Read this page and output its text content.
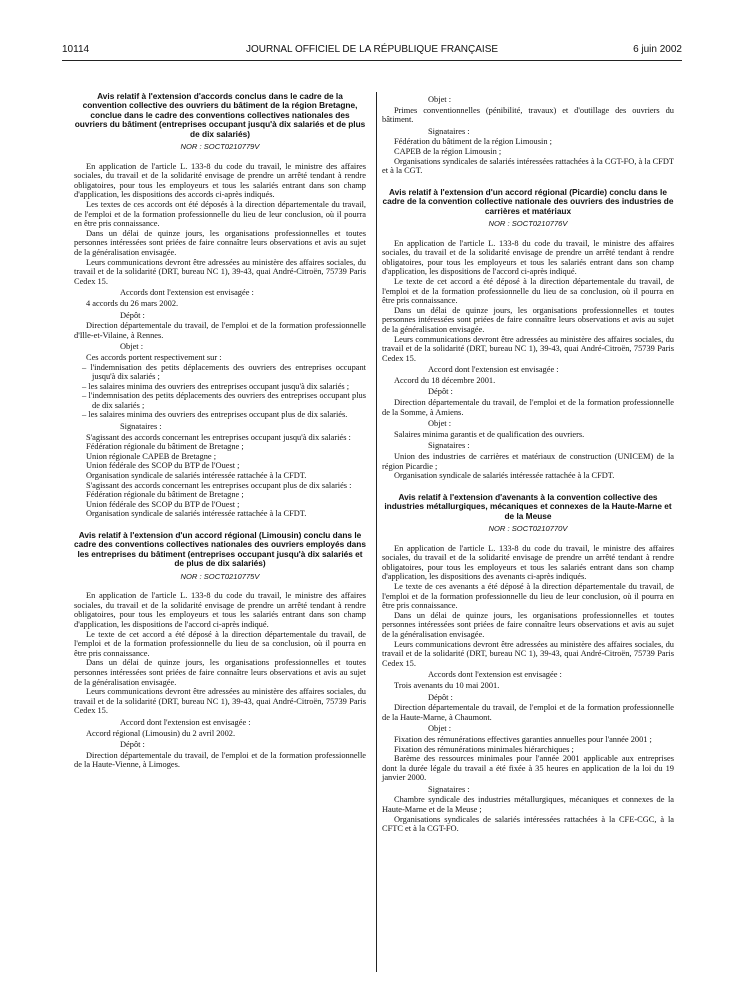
10114	JOURNAL OFFICIEL DE LA RÉPUBLIQUE FRANÇAISE	6 juin 2002
Avis relatif à l'extension d'accords conclus dans le cadre de la convention collective des ouvriers du bâtiment de la région Bretagne, conclue dans le cadre des conventions collectives nationales des ouvriers du bâtiment (entreprises occupant jusqu'à dix salariés et de plus de dix salariés)
NOR : SOCT0210779V
En application de l'article L. 133-8 du code du travail, le ministre des affaires sociales, du travail et de la solidarité envisage de prendre un arrêté tendant à rendre obligatoires, pour tous les employeurs et tous les salariés entrant dans son champ d'application, les dispositions des accords ci-après indiqués.
Les textes de ces accords ont été déposés à la direction départementale du travail, de l'emploi et de la formation professionnelle du lieu de leur conclusion, où il pourra en être pris connaissance.
Dans un délai de quinze jours, les organisations professionnelles et toutes personnes intéressées sont priées de faire connaître leurs observations et avis au sujet de la généralisation envisagée.
Leurs communications devront être adressées au ministère des affaires sociales, du travail et de la solidarité (DRT, bureau NC 1), 39-43, quai André-Citroën, 75739 Paris Cedex 15.
Accords dont l'extension est envisagée :
4 accords du 26 mars 2002.
Dépôt :
Direction départementale du travail, de l'emploi et de la formation professionnelle d'Ille-et-Vilaine, à Rennes.
Objet :
Ces accords portent respectivement sur :
– l'indemnisation des petits déplacements des ouvriers des entreprises occupant jusqu'à dix salariés ;
– les salaires minima des ouvriers des entreprises occupant jusqu'à dix salariés ;
– l'indemnisation des petits déplacements des ouvriers des entreprises occupant plus de dix salariés ;
– les salaires minima des ouvriers des entreprises occupant plus de dix salariés.
Signataires :
S'agissant des accords concernant les entreprises occupant jusqu'à dix salariés :
Fédération régionale du bâtiment de Bretagne ;
Union régionale CAPEB de Bretagne ;
Union fédérale des SCOP du BTP de l'Ouest ;
Organisation syndicale de salariés intéressée rattachée à la CFDT.
S'agissant des accords concernant les entreprises occupant plus de dix salariés :
Fédération régionale du bâtiment de Bretagne ;
Union fédérale des SCOP du BTP de l'Ouest ;
Organisation syndicale de salariés intéressée rattachée à la CFDT.
Avis relatif à l'extension d'un accord régional (Limousin) conclu dans le cadre des conventions collectives nationales des ouvriers employés dans les entreprises du bâtiment (entreprises occupant jusqu'à dix salariés et de plus de dix salariés)
NOR : SOCT0210775V
En application de l'article L. 133-8 du code du travail, le ministre des affaires sociales, du travail et de la solidarité envisage de prendre un arrêté tendant à rendre obligatoires, pour tous les employeurs et tous les salariés entrant dans son champ d'application, les dispositions de l'accord ci-après indiqué.
Le texte de cet accord a été déposé à la direction départementale du travail, de l'emploi et de la formation professionnelle du lieu de sa conclusion, où il pourra en être pris connaissance.
Dans un délai de quinze jours, les organisations professionnelles et toutes personnes intéressées sont priées de faire connaître leurs observations et avis au sujet de la généralisation envisagée.
Leurs communications devront être adressées au ministère des affaires sociales, du travail et de la solidarité (DRT, bureau NC 1), 39-43, quai André-Citroën, 75739 Paris Cedex 15.
Accord dont l'extension est envisagée :
Accord régional (Limousin) du 2 avril 2002.
Dépôt :
Direction départementale du travail, de l'emploi et de la formation professionnelle de la Haute-Vienne, à Limoges.
Objet :
Primes conventionnelles (pénibilité, travaux) et d'outillage des ouvriers du bâtiment.
Signataires :
Fédération du bâtiment de la région Limousin ;
CAPEB de la région Limousin ;
Organisations syndicales de salariés intéressées rattachées à la CGT-FO, à la CFDT et à la CGT.
Avis relatif à l'extension d'un accord régional (Picardie) conclu dans le cadre de la convention collective nationale des ouvriers des industries de carrières et matériaux
NOR : SOCT0210776V
En application de l'article L. 133-8 du code du travail, le ministre des affaires sociales, du travail et de la solidarité envisage de prendre un arrêté tendant à rendre obligatoires, pour tous les employeurs et tous les salariés entrant dans son champ d'application, les dispositions de l'accord ci-après indiqué.
Le texte de cet accord a été déposé à la direction départementale du travail, de l'emploi et de la formation professionnelle du lieu de sa conclusion, où il pourra en être pris connaissance.
Dans un délai de quinze jours, les organisations professionnelles et toutes personnes intéressées sont priées de faire connaître leurs observations et avis au sujet de la généralisation envisagée.
Leurs communications devront être adressées au ministère des affaires sociales, du travail et de la solidarité (DRT, bureau NC 1), 39-43, quai André-Citroën, 75739 Paris Cedex 15.
Accord dont l'extension est envisagée :
Accord du 18 décembre 2001.
Dépôt :
Direction départementale du travail, de l'emploi et de la formation professionnelle de la Somme, à Amiens.
Objet :
Salaires minima garantis et de qualification des ouvriers.
Signataires :
Union des industries de carrières et matériaux de construction (UNICEM) de la région Picardie ;
Organisation syndicale de salariés intéressée rattachée à la CFDT.
Avis relatif à l'extension d'avenants à la convention collective des industries métallurgiques, mécaniques et connexes de la Haute-Marne et de la Meuse
NOR : SOCT0210770V
En application de l'article L. 133-8 du code du travail, le ministre des affaires sociales, du travail et de la solidarité envisage de prendre un arrêté tendant à rendre obligatoires, pour tous les employeurs et tous les salariés entrant dans son champ d'application, les dispositions des avenants ci-après indiqués.
Le texte de ces avenants a été déposé à la direction départementale du travail, de l'emploi et de la formation professionnelle du lieu de leur conclusion, où il pourra en être pris connaissance.
Dans un délai de quinze jours, les organisations professionnelles et toutes personnes intéressées sont priées de faire connaître leurs observations et avis au sujet de la généralisation envisagée.
Leurs communications devront être adressées au ministère des affaires sociales, du travail et de la solidarité (DRT, bureau NC 1), 39-43, quai André-Citroën, 75739 Paris Cedex 15.
Accords dont l'extension est envisagée :
Trois avenants du 10 mai 2001.
Dépôt :
Direction départementale du travail, de l'emploi et de la formation professionnelle de la Haute-Marne, à Chaumont.
Objet :
Fixation des rémunérations effectives garanties annuelles pour l'année 2001 ;
Fixation des rémunérations minimales hiérarchiques ;
Barème des ressources minimales pour l'année 2001 applicable aux entreprises dont la durée légale du travail a été fixée à 35 heures en application de la loi du 19 janvier 2000.
Signataires :
Chambre syndicale des industries métallurgiques, mécaniques et connexes de la Haute-Marne et de la Meuse ;
Organisations syndicales de salariés intéressées rattachées à la CFE-CGC, à la CFTC et à la CGT-FO.
